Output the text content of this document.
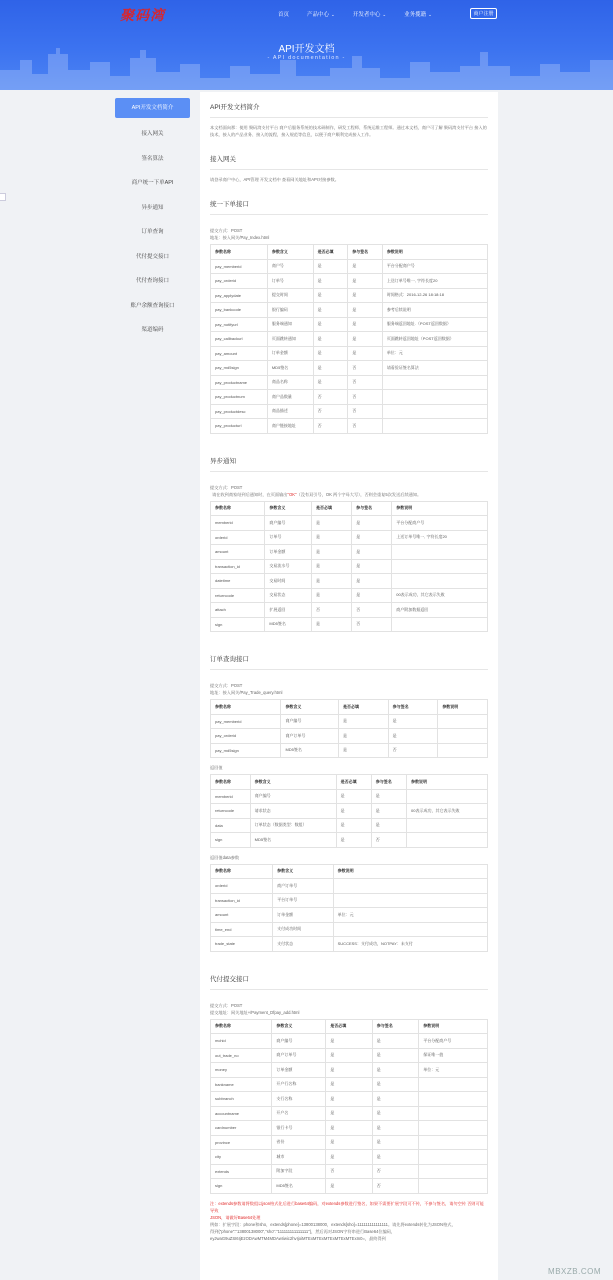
聚码湾	首页	产品中心 ⌄	开发者中心 ⌄	业务揽籍 ⌄	商户注册
API开发文档
- API documentation -
API开发文档简介
接入网关
签名算法
商户统一下单API
异步通知
订单查询
代付提交接口
代付查询接口
账户余额查询接口
渠道编码
API开发文档简介
本文档面向那：使用 聚码湾支付平台 商户后服务系统的技术研制作，研发工程师、系统运维工程师。通过本文档，商户可了解 聚码湾支付平台 接入的技术，接入的产品业务、接入的流程，接入规范等信息，以便于商户顺利完成接入工作。
接入网关
请登录商户中心，API管理 开发文档中 查看网关地址和API对接参数。
统一下单接口
提交方式：POST
地址：接入网关/Pay_Index.html
参数名称	参数含义	是否必填	参与签名	参数说明
pay_memberid	商户号	是	是	平台分配商户号
pay_orderid	订单号	是	是	上送订单号唯一, 字符长度20
pay_applydate	提交时间	是	是	时间格式：2016-12-26 18:18:18
pay_bankcode	银行编码	是	是	参考后续说明
pay_notifyurl	服务端通知	是	是	服务端返回地址.（POST返回数据）
pay_callbackurl	页面跳转通知	是	是	页面跳转返回地址（POST返回数据）
pay_amount	订单金额	是	是	单位：元
pay_md5sign	MD5签名	是	否	请看验证签名算法
pay_productname	商品名称	是	否	
pay_productnum	商户品数量	否	否	
pay_productdesc	商品描述	否	否	
pay_producturl	商户链接地址	否	否	
异步通知
提交方式：POST
 请在收到商家结到后通知时，在页面输出"OK"（没有双引号，OK 两个字母大写），否则会重复5次发送后续通知。
参数名称	参数含义	是否必填	参与签名	参数说明
memberid	商户编号	是	是	平台分配商户号
orderid	订单号	是	是	上送订单号唯一, 字符长度20
amount	订单金额	是	是	
transaction_id	交易流水号	是	是	
datetime	交易时间	是	是	
returncode	交易状态	是	是	00表示成功，其它表示失败
attach	扩展返回	否	否	商户附加数据返回
sign	MD5签名	是	否	
订单查询接口
提交方式：POST
地址：接入网关/Pay_Trade_query.html
参数名称	参数含义	是否必填	参与签名	参数说明
pay_memberid	商户编号	是	是	
pay_orderid	商户订单号	是	是	
pay_md5sign	MD5签名	是	否	
返回值
参数名称	参数含义	是否必填	参与签名	参数说明
memberid	商户编号	是	是	
returncode	请求状态	是	是	00表示成功，其它表示失败
data	订单状态（数据类型：数组）	是	是	
sign	MD5签名	是	否	
返回值data参数
参数名称	参数含义	参数说明
orderid	商户订单号	
transaction_id	平台订单号	
amount	订单金额	单位：元
time_end	支付成功时间	
trade_state	支付状态	SUCCESS：支付成功，NOTPAY：未支付
代付提交接口
提交方式：POST
提交地址：网关地址+/Payment_Dfpay_add.html
参数名称	参数含义	是否必填	参与签名	参数说明
mchid	商户编号	是	是	平台分配商户号
out_trade_no	商户订单号	是	是	保证唯一值
money	订单金额	是	是	单位：元
bankname	开户行名称	是	是	
subbranch	支行名称	是	是	
accountname	开户名	是	是	
cardnumber	银行卡号	是	是	
province	省份	是	是	
city	城市	是	是	
extends	附加字段	否	否	
sign	MD5签名	是	否	
注：extends参数请将数组以json格式化后进行base64编码，对extends参数进行签名，如果不需要扩展字段可不传，不参与签名，请勿空传 否则可能导致
JSON，请做好Base64处理
例如：扩展字段：phone和sho，extends[phone]=13800138000，extends[sho]=111111111111111。请先将extends转化为JSON格式，
得到{"phone":"13800138000","sho":"111111111111111"}，然后再对JSON字符串进行Base64位编码，
eyJwaG9uZSI6IjEzODAwMTM4MDAwIiwic2hvIjoiMTExMTExMTExMTExMTExIn0=，最终得到
MBXZB.COM
